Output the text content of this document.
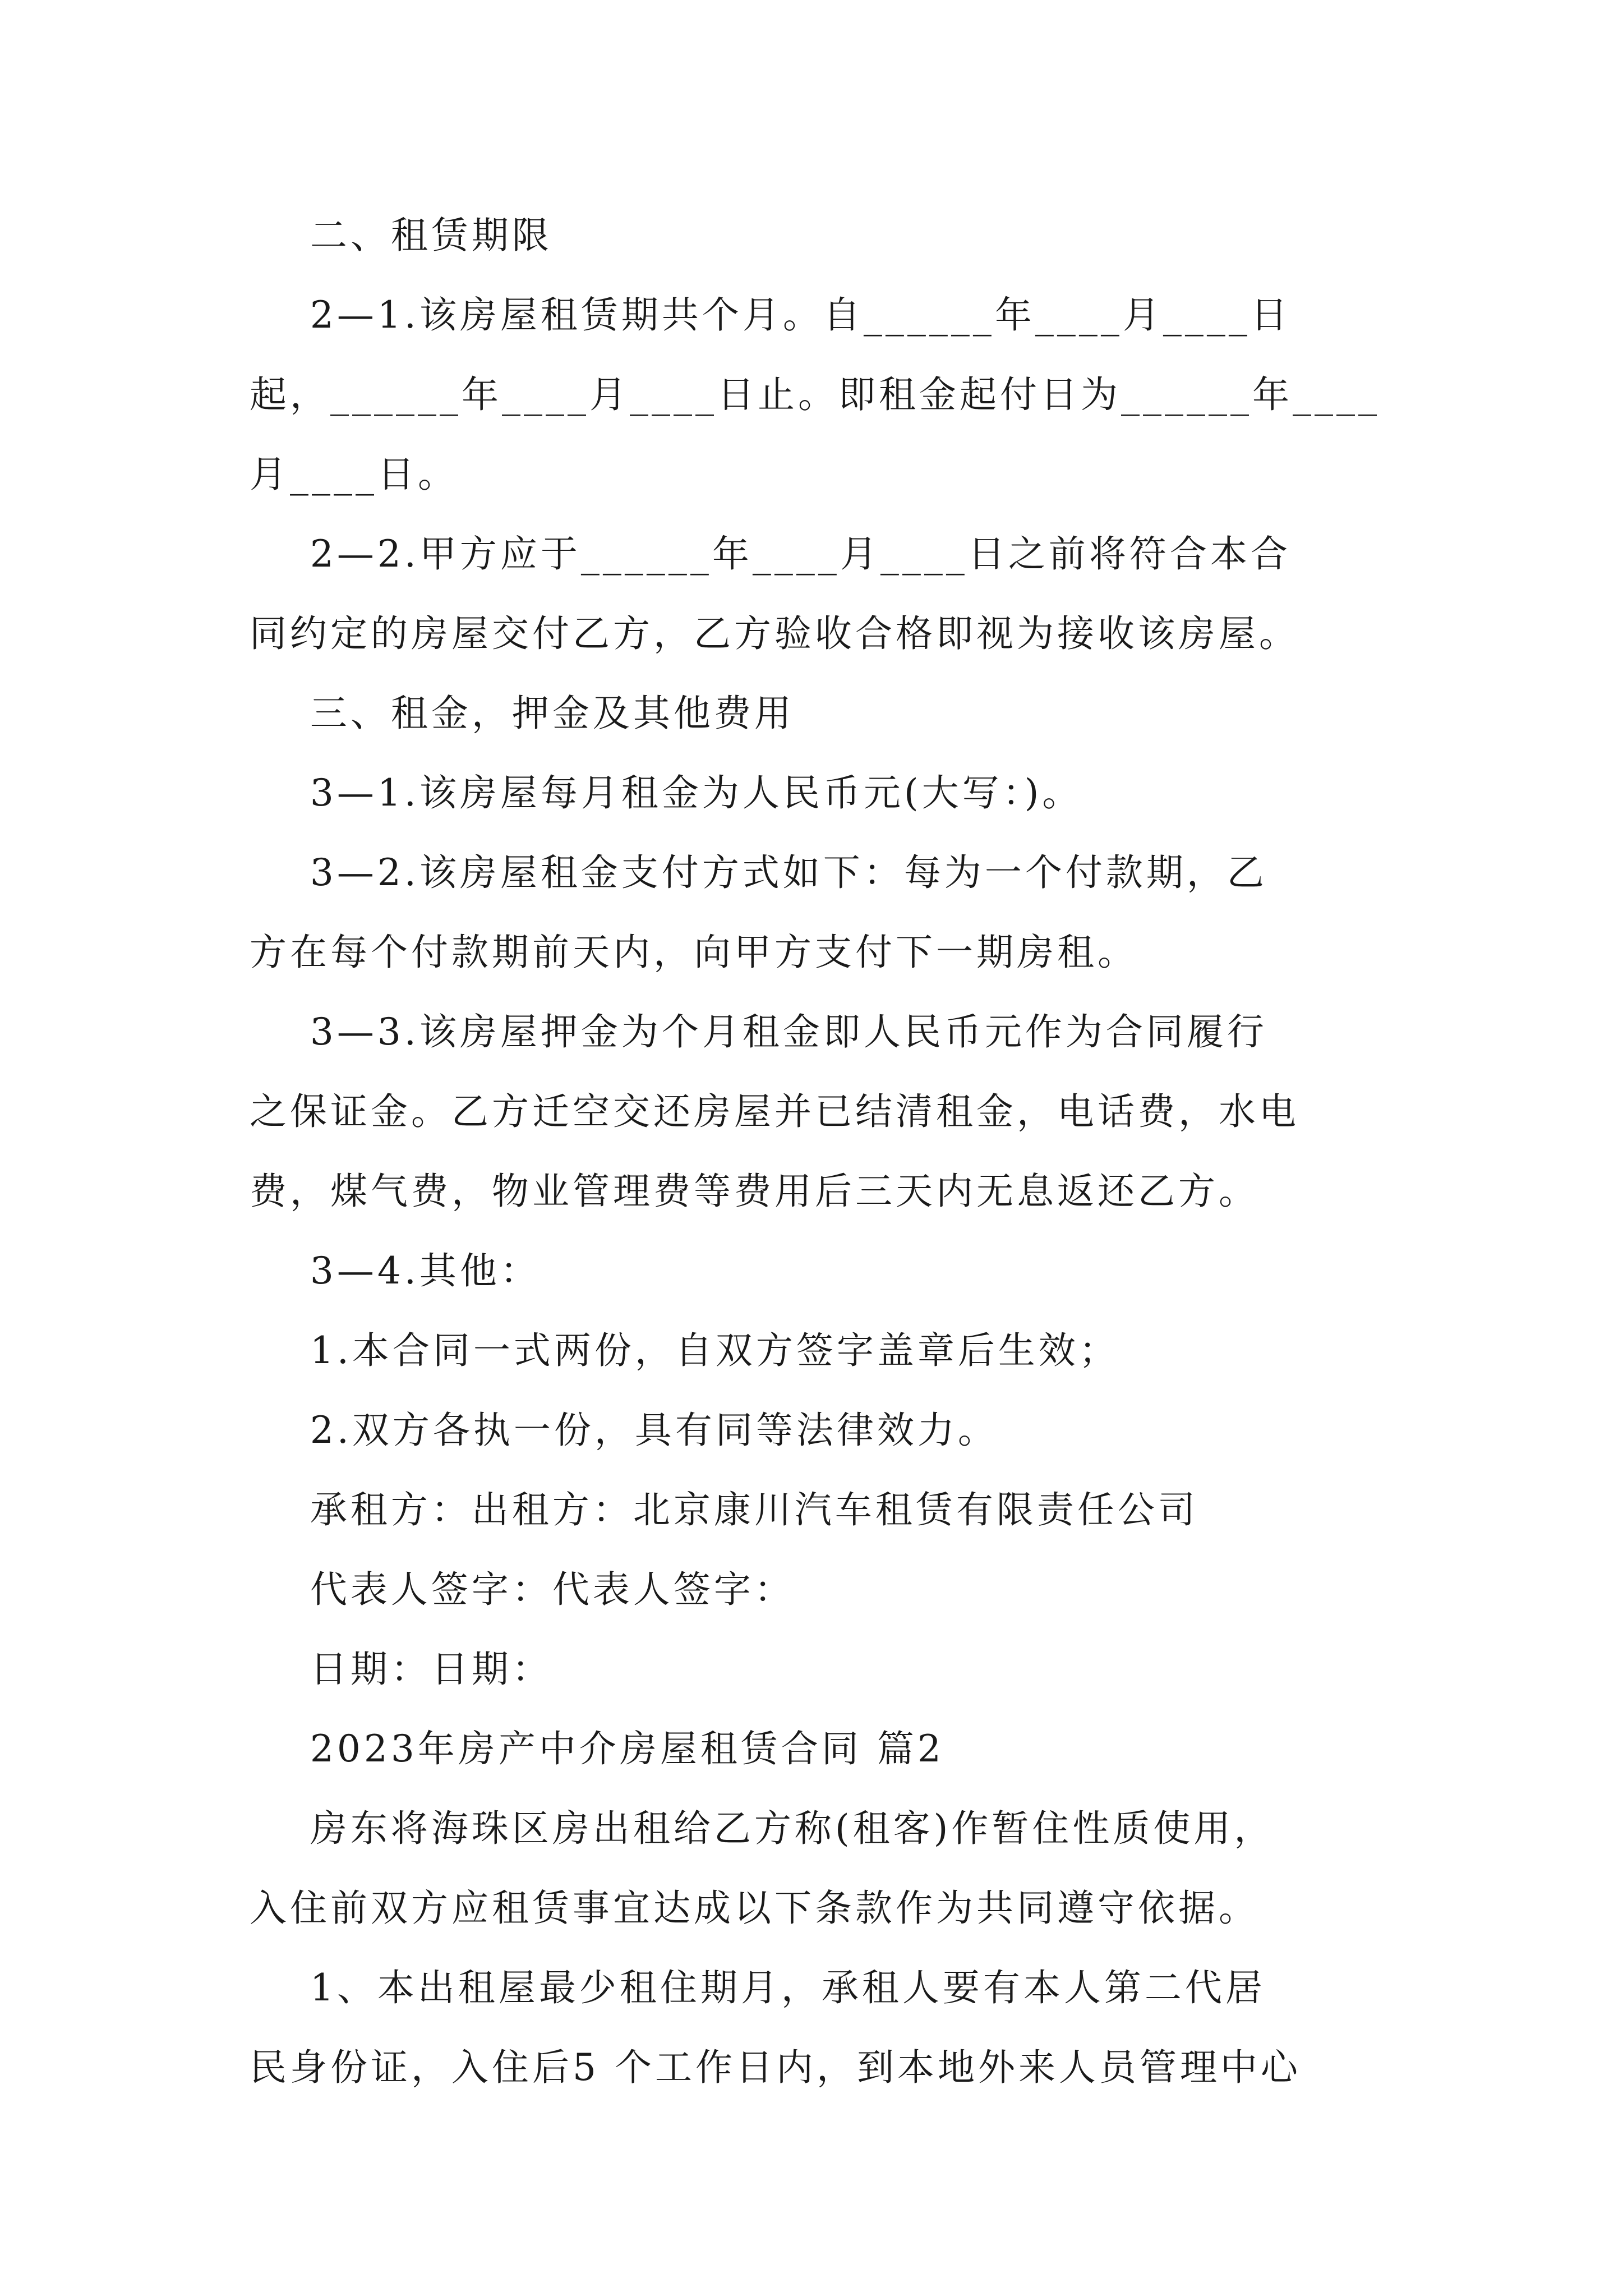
二、租赁期限
2—1.该房屋租赁期共个月。自______年____月____日
起，______年____月____日止。即租金起付日为______年____
月____日。
2—2.甲方应于______年____月____日之前将符合本合
同约定的房屋交付乙方，乙方验收合格即视为接收该房屋。
三、租金，押金及其他费用
3—1.该房屋每月租金为人民币元(大写：)。
3—2.该房屋租金支付方式如下：每为一个付款期，乙
方在每个付款期前天内，向甲方支付下一期房租。
3—3.该房屋押金为个月租金即人民币元作为合同履行
之保证金。乙方迁空交还房屋并已结清租金，电话费，水电
费，煤气费，物业管理费等费用后三天内无息返还乙方。
3—4.其他：
1.本合同一式两份，自双方签字盖章后生效；
2.双方各执一份，具有同等法律效力。
承租方：出租方：北京康川汽车租赁有限责任公司
代表人签字：代表人签字：
日期：日期：
2023年房产中介房屋租赁合同 篇2
房东将海珠区房出租给乙方称(租客)作暂住性质使用，
入住前双方应租赁事宜达成以下条款作为共同遵守依据。
1、本出租屋最少租住期月，承租人要有本人第二代居
民身份证，入住后5 个工作日内，到本地外来人员管理中心
